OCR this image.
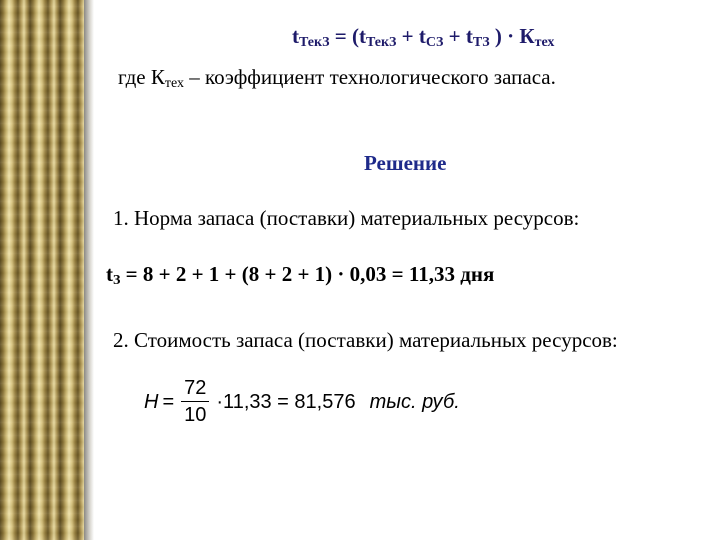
$t_{ТекЗ} = (t_{ТекЗ} + t_{СЗ} + t_{ТЗ}$ ) · $К_{тех}$
где $К_{тех}$ – коэффициент технологического запаса.
Решение
1. Норма запаса (поставки) материальных ресурсов:
$t_З = 8 + 2 + 1 + (8 + 2 + 1) \cdot 0,03 = 11,33$ дня
2. Стоимость запаса (поставки) материальных ресурсов:
$H = \frac{72}{10} \cdot 11,33 = 81,576$ тыс. руб.
